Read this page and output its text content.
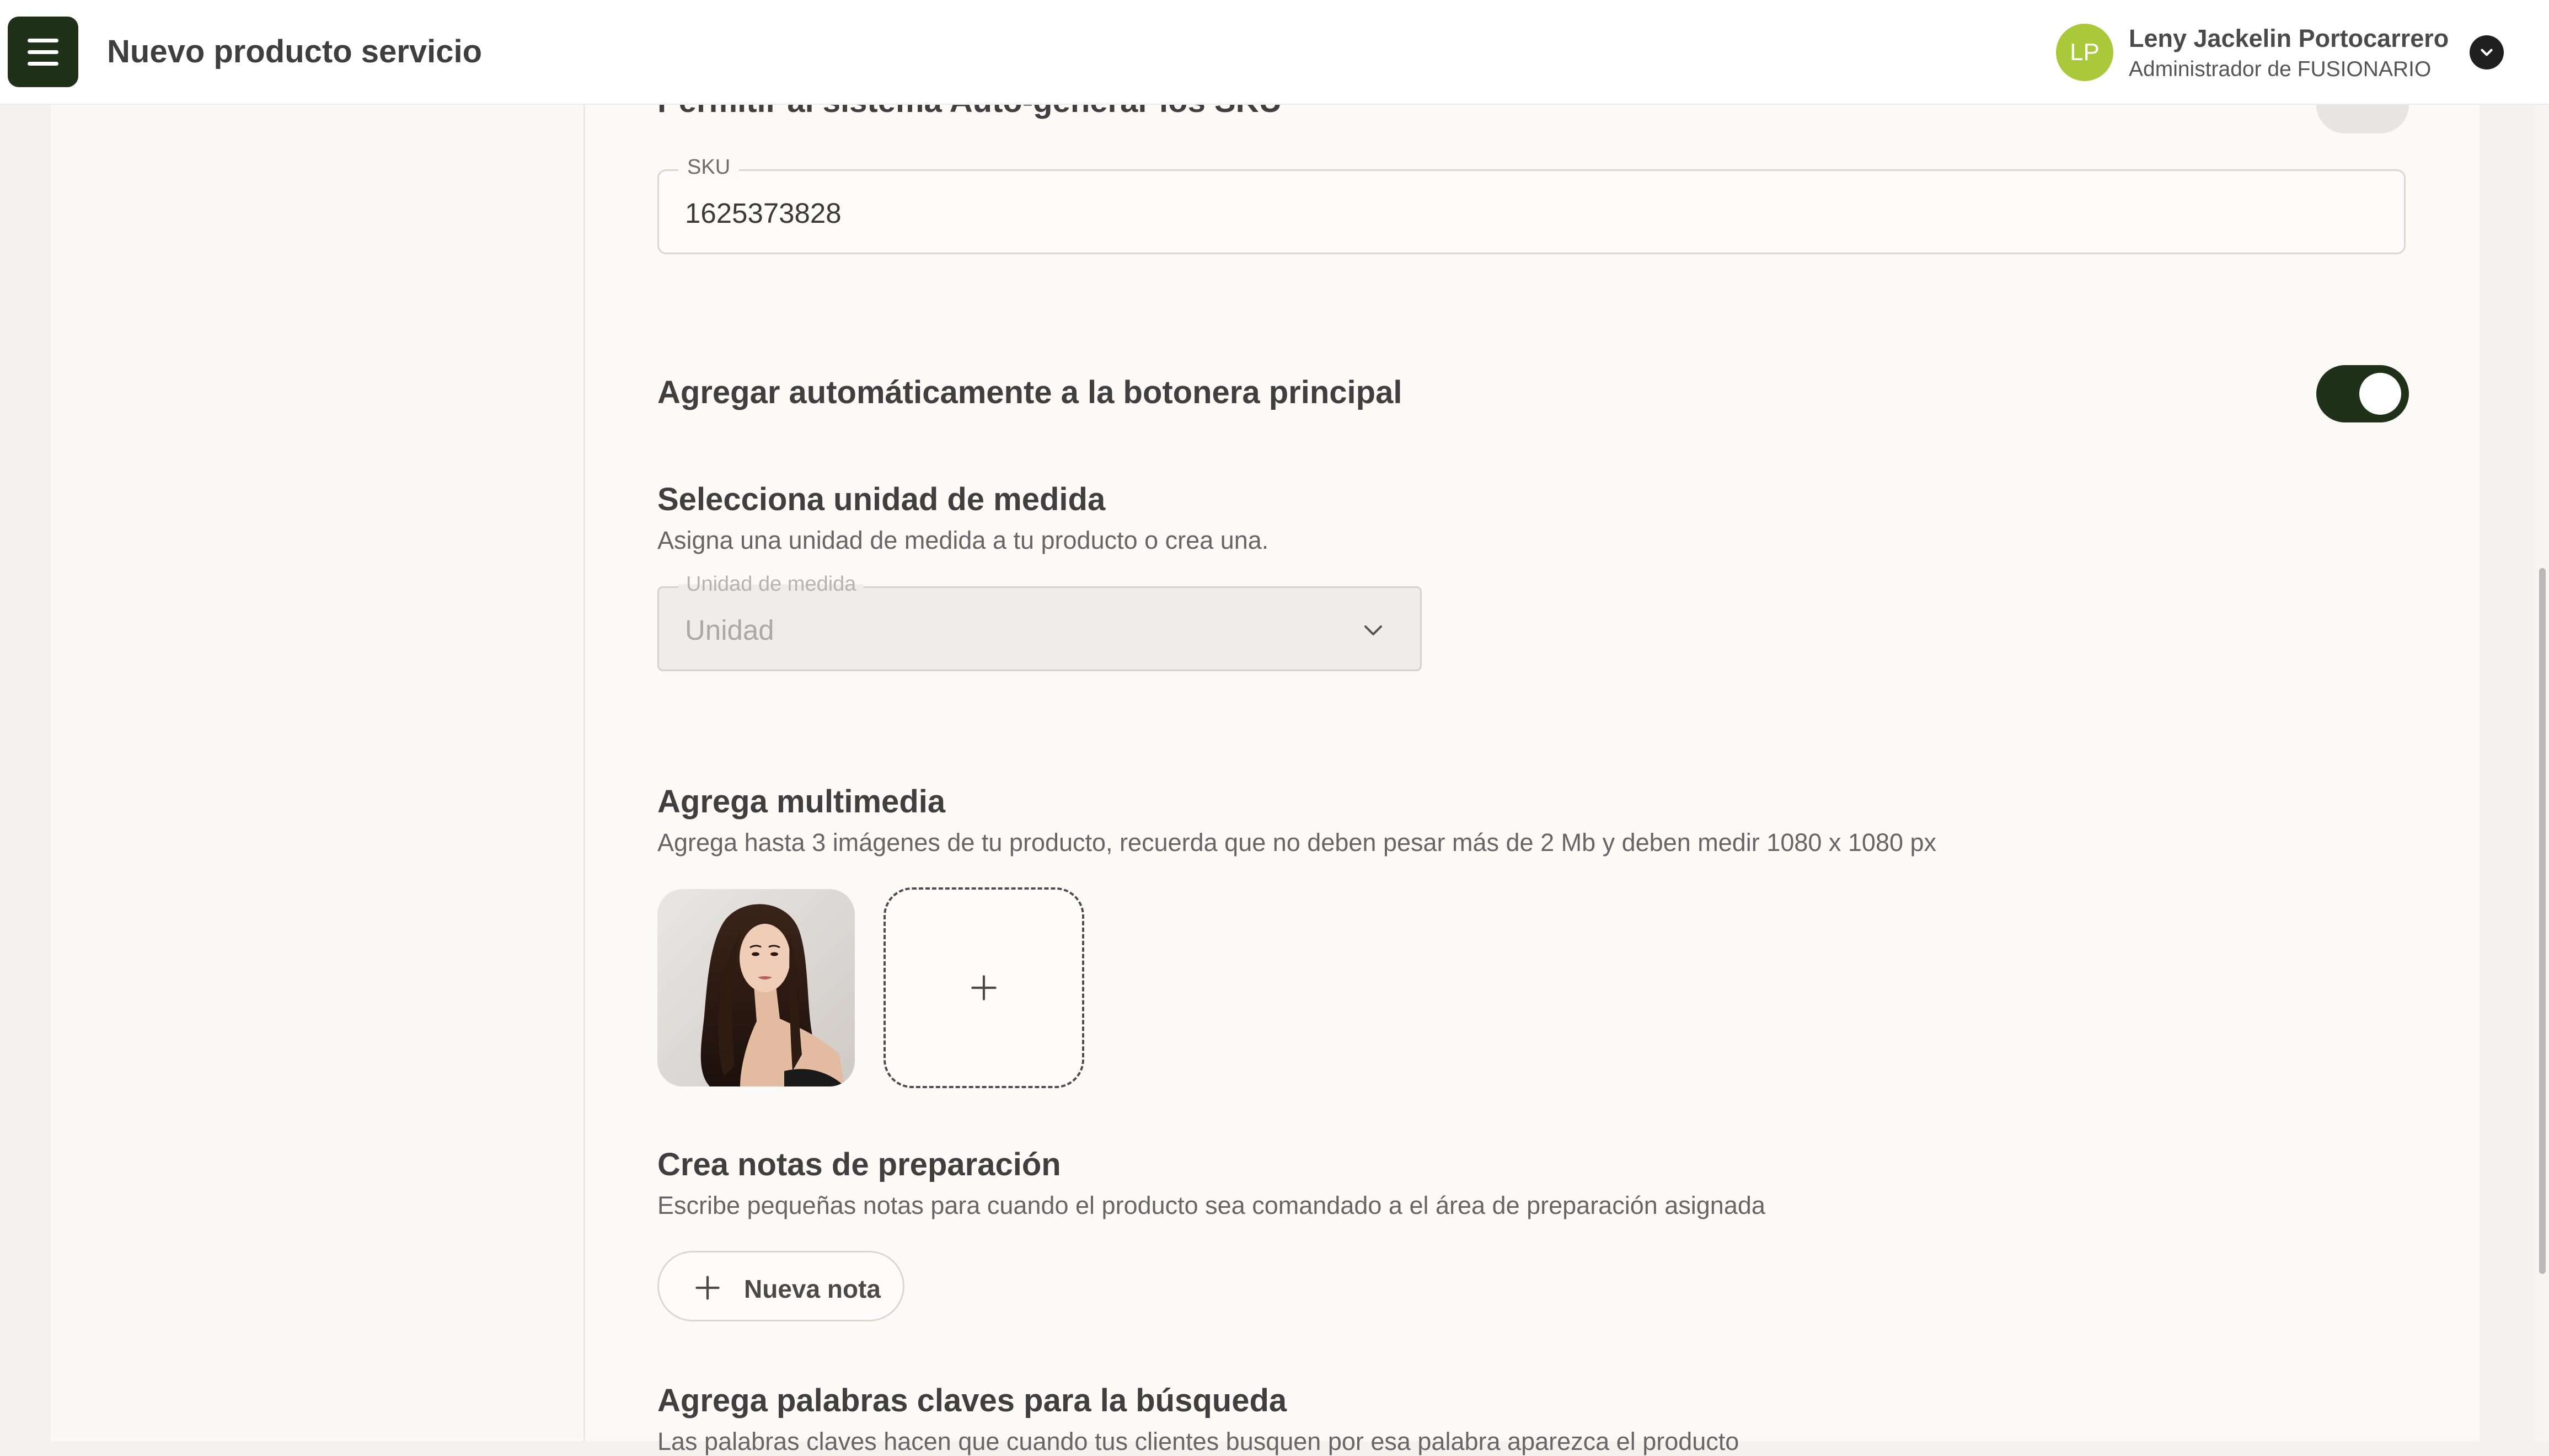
Nuevo producto servicio	LP	Leny Jackelin Portocarrero
Administrador de FUSIONARIO
SKU
1625373828
Agregar automáticamente a la botonera principal
Selecciona unidad de medida
Asigna una unidad de medida a tu producto o crea una.
Unidad de medida
Unidad
Agrega multimedia
Agrega hasta 3 imágenes de tu producto, recuerda que no deben pesar más de 2 Mb y deben medir 1080 x 1080 px
Crea notas de preparación
Escribe pequeñas notas para cuando el producto sea comandado a el área de preparación asignada
Nueva nota
Agrega palabras claves para la búsqueda
Las palabras claves hacen que cuando tus clientes busquen por esa palabra aparezca el producto
